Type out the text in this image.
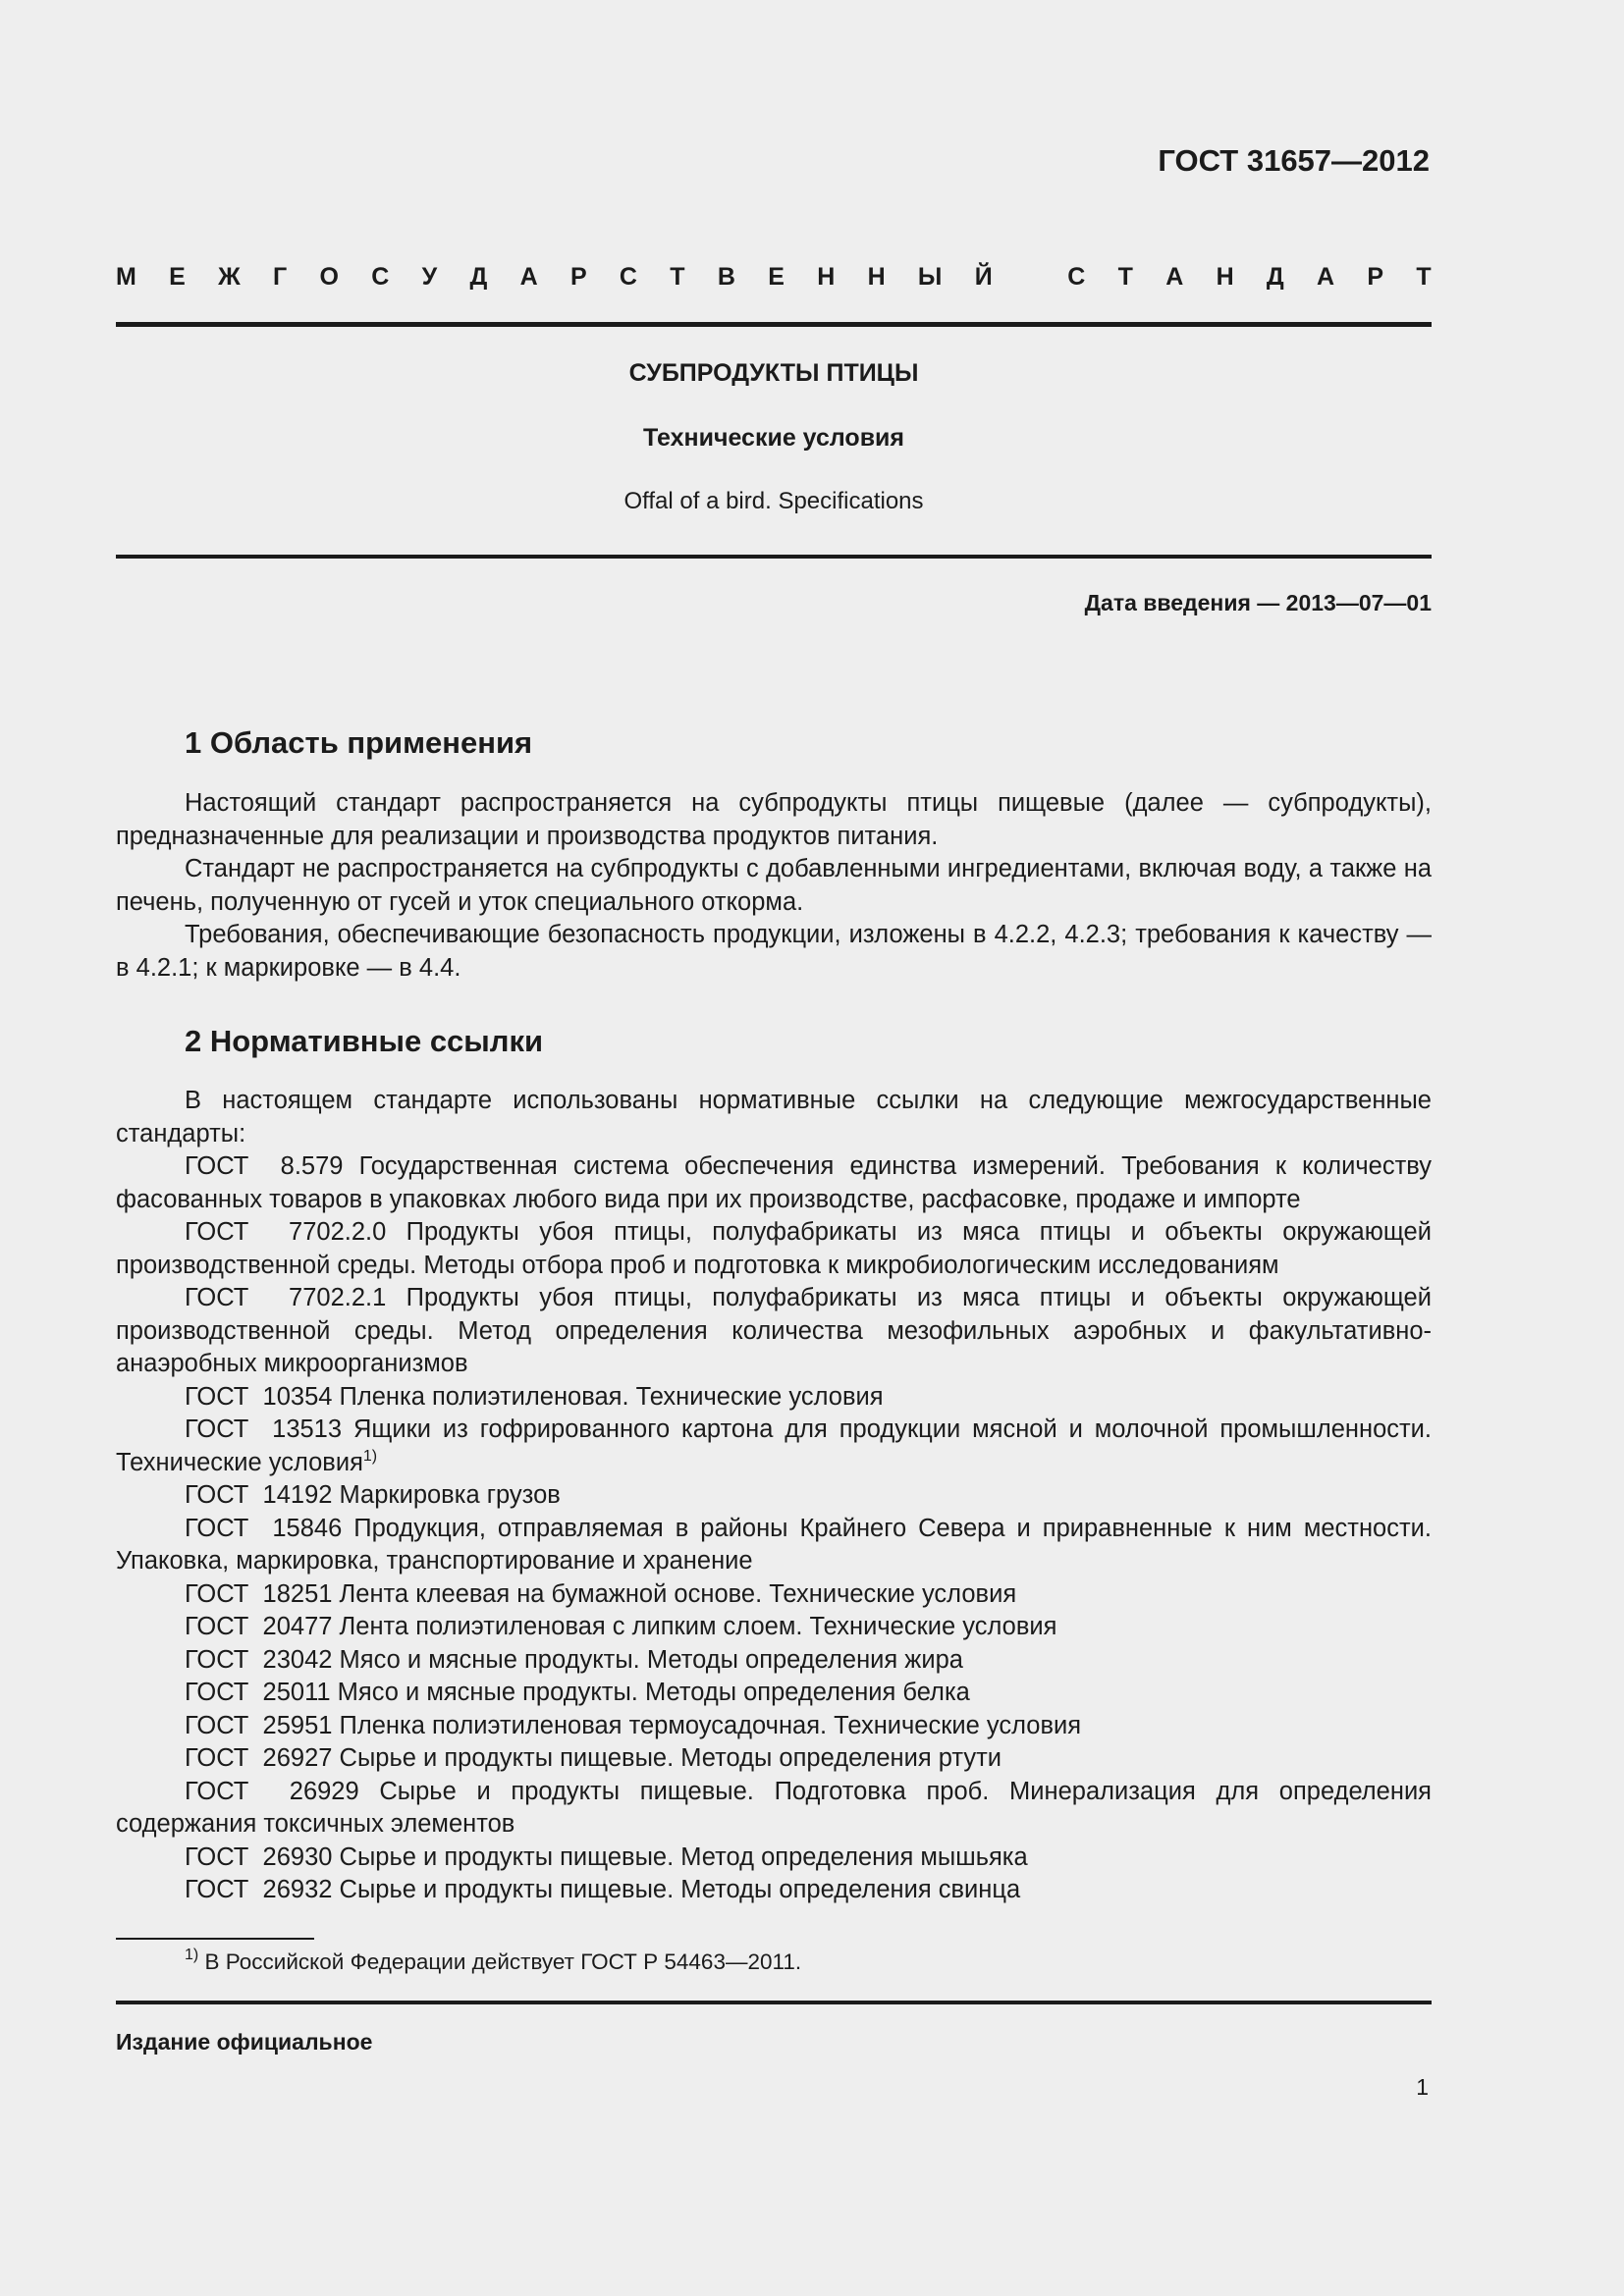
ГОСТ 31657—2012
М Е Ж Г О С У Д А Р С Т В Е Н Н Ы Й	С Т А Н Д А Р Т
СУБПРОДУКТЫ ПТИЦЫ
Технические условия
Offal of a bird. Specifications
Дата введения — 2013—07—01
1 Область применения

Настоящий стандарт распространяется на субпродукты птицы пищевые (далее — субпродукты), предназначенные для реализации и производства продуктов питания.

Стандарт не распространяется на субпродукты с добавленными ингредиентами, включая воду, а также на печень, полученную от гусей и уток специального откорма.

Требования, обеспечивающие безопасность продукции, изложены в 4.2.2, 4.2.3; требования к качеству — в 4.2.1; к маркировке — в 4.4.

2 Нормативные ссылки

В настоящем стандарте использованы нормативные ссылки на следующие межгосударственные стандарты:

ГОСТ  8.579 Государственная система обеспечения единства измерений. Требования к количеству фасованных товаров в упаковках любого вида при их производстве, расфасовке, продаже и импорте

ГОСТ  7702.2.0 Продукты убоя птицы, полуфабрикаты из мяса птицы и объекты окружающей производственной среды. Методы отбора проб и подготовка к микробиологическим исследованиям

ГОСТ  7702.2.1 Продукты убоя птицы, полуфабрикаты из мяса птицы и объекты окружающей производственной среды. Метод определения количества мезофильных аэробных и факультативно-анаэробных микроорганизмов

ГОСТ  10354 Пленка полиэтиленовая. Технические условия

ГОСТ  13513 Ящики из гофрированного картона для продукции мясной и молочной промышленности. Технические условия$^{1)}$

ГОСТ  14192 Маркировка грузов

ГОСТ  15846 Продукция, отправляемая в районы Крайнего Севера и приравненные к ним местности. Упаковка, маркировка, транспортирование и хранение

ГОСТ  18251 Лента клеевая на бумажной основе. Технические условия

ГОСТ  20477 Лента полиэтиленовая с липким слоем. Технические условия

ГОСТ  23042 Мясо и мясные продукты. Методы определения жира

ГОСТ  25011 Мясо и мясные продукты. Методы определения белка

ГОСТ  25951 Пленка полиэтиленовая термоусадочная. Технические условия

ГОСТ  26927 Сырье и продукты пищевые. Методы определения ртути

ГОСТ  26929 Сырье и продукты пищевые. Подготовка проб. Минерализация для определения содержания токсичных элементов

ГОСТ  26930 Сырье и продукты пищевые. Метод определения мышьяка

ГОСТ  26932 Сырье и продукты пищевые. Методы определения свинца

$^{1)}$ В Российской Федерации действует ГОСТ Р 54463—2011.
Издание официальное
1
